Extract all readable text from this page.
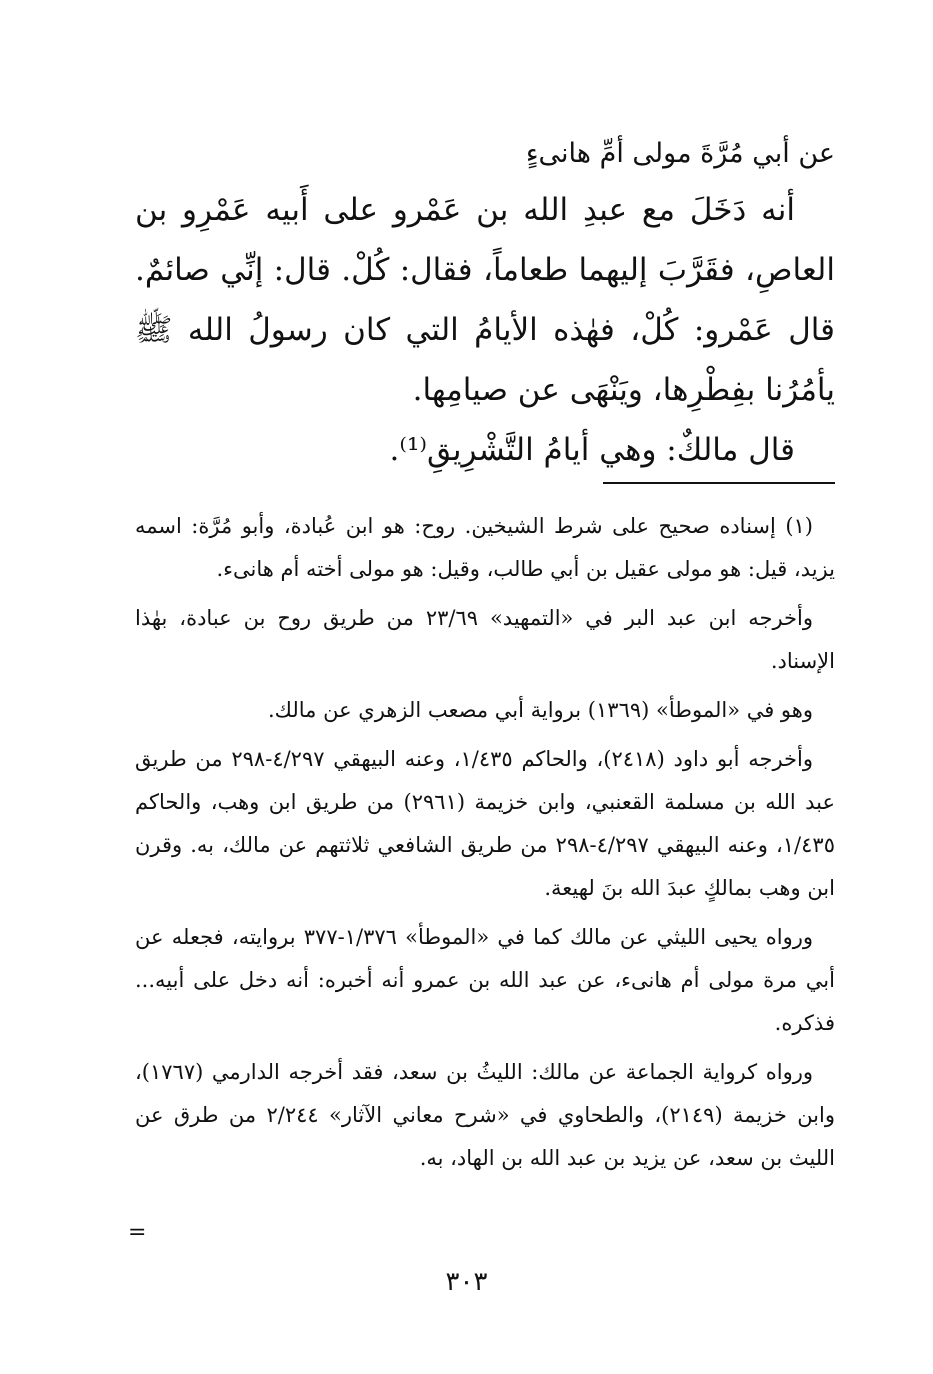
عن أبي مُرَّةَ مولى أمِّ هانىءٍ

أنه دَخَلَ مع عبدِ الله بن عَمْرو على أَبيه عَمْرِو بن العاصِ، فقَرَّبَ إليهما طعاماً، فقال: كُلْ. قال: إنِّي صائمٌ. قال عَمْرو: كُلْ، فهٰذه الأيامُ التي كان رسولُ الله ﷺ يأمُرُنا بفِطْرِها، ويَنْهَى عن صيامِها.

قال مالكٌ: وهي أيامُ التَّشْرِيقِ⁽¹⁾.

(١) إسناده صحيح على شرط الشيخين. روح: هو ابن عُبادة، وأبو مُرَّة: اسمه يزيد، قيل: هو مولى عقيل بن أبي طالب، وقيل: هو مولى أخته أم هانىء.

وأخرجه ابن عبد البر في «التمهيد» ٢٣/٦٩ من طريق روح بن عبادة، بهٰذا الإسناد.

وهو في «الموطأ» (١٣٦٩) برواية أبي مصعب الزهري عن مالك.

وأخرجه أبو داود (٢٤١٨)، والحاكم ١/٤٣٥، وعنه البيهقي ٤/٢٩٧-٢٩٨ من طريق عبد الله بن مسلمة القعنبي، وابن خزيمة (٢٩٦١) من طريق ابن وهب، والحاكم ١/٤٣٥، وعنه البيهقي ٤/٢٩٧-٢٩٨ من طريق الشافعي ثلاثتهم عن مالك، به. وقرن ابن وهب بمالكٍ عبدَ الله بنَ لهيعة.

ورواه يحيى الليثي عن مالك كما في «الموطأ» ١/٣٧٦-٣٧٧ بروايته، فجعله عن أبي مرة مولى أم هانىء، عن عبد الله بن عمرو أنه أخبره: أنه دخل على أبيه... فذكره.

ورواه كرواية الجماعة عن مالك: الليثُ بن سعد، فقد أخرجه الدارمي (١٧٦٧)، وابن خزيمة (٢١٤٩)، والطحاوي في «شرح معاني الآثار» ٢/٢٤٤ من طرق عن الليث بن سعد، عن يزيد بن عبد الله بن الهاد، به.

=
٣٠٣
